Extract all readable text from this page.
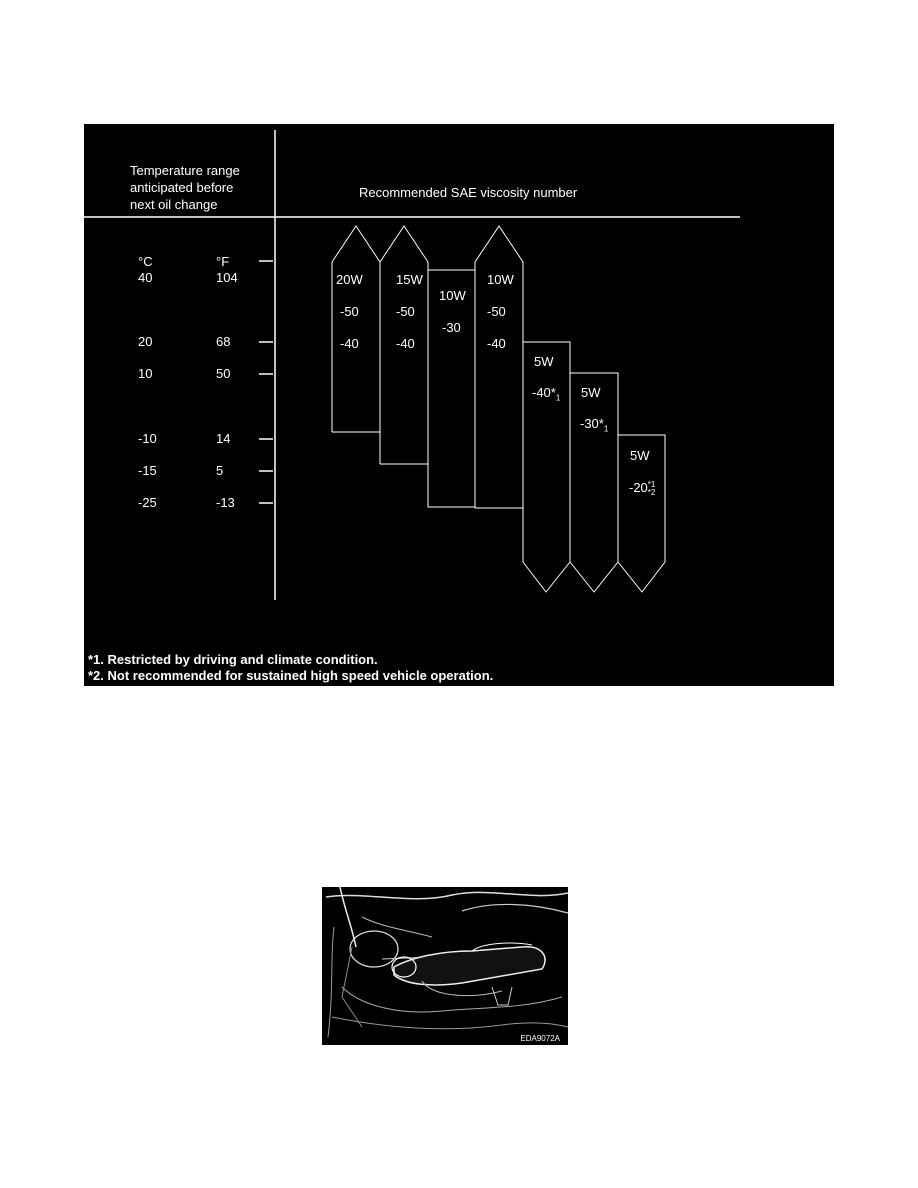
Temperature range
anticipated before
next oil change
Recommended SAE viscosity number
°C	°F
40	104
20	68
10	50
-10	14
-15	5
-25	-13
20W
-50
-40
15W
-50
-40
10W
-30
10W
-50
-40
5W
$-40*_1$ 5W
$-30*_1$
5W
-20 *1
*2
*1. Restricted by driving and climate condition.
*2. Not recommended for sustained high speed vehicle operation.
EDA9072A
